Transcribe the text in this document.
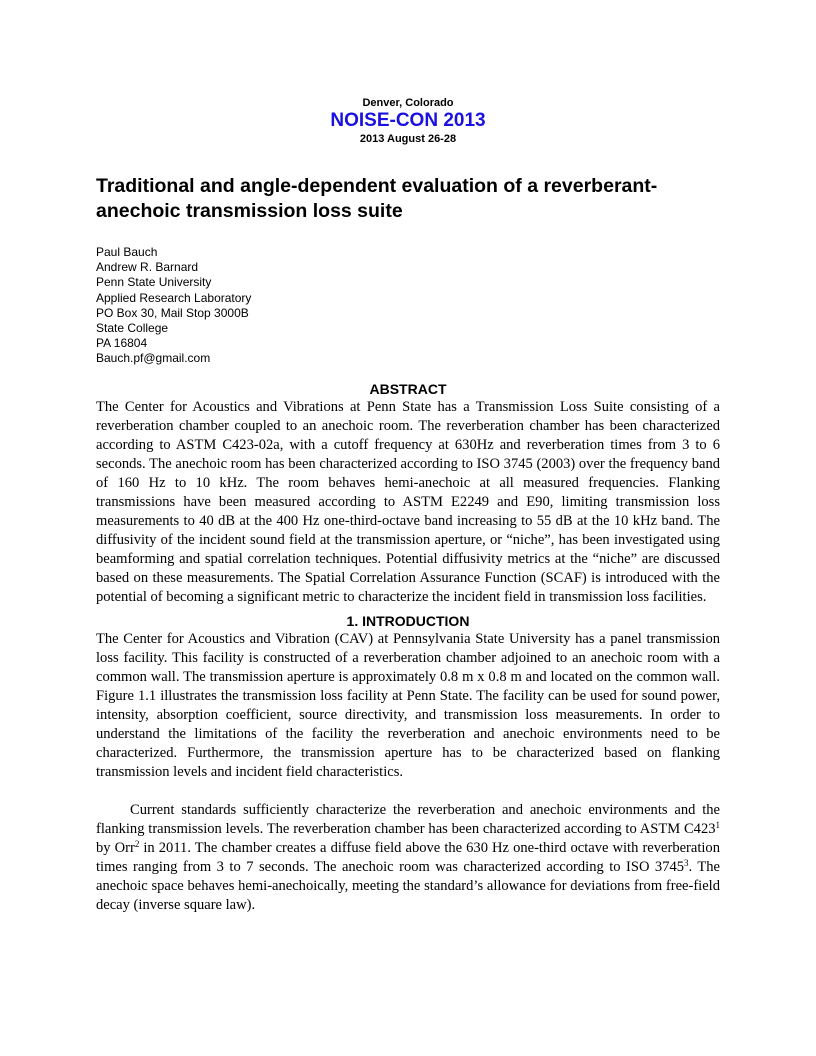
Denver, Colorado
NOISE-CON 2013
2013 August 26-28
Traditional and angle-dependent evaluation of a reverberant-anechoic transmission loss suite
Paul Bauch
Andrew R. Barnard
Penn State University
Applied Research Laboratory
PO Box 30, Mail Stop 3000B
State College
PA 16804
Bauch.pf@gmail.com
ABSTRACT

The Center for Acoustics and Vibrations at Penn State has a Transmission Loss Suite consisting of a reverberation chamber coupled to an anechoic room. The reverberation chamber has been characterized according to ASTM C423-02a, with a cutoff frequency at 630Hz and reverberation times from 3 to 6 seconds. The anechoic room has been characterized according to ISO 3745 (2003) over the frequency band of 160 Hz to 10 kHz. The room behaves hemi-anechoic at all measured frequencies. Flanking transmissions have been measured according to ASTM E2249 and E90, limiting transmission loss measurements to 40 dB at the 400 Hz one-third-octave band increasing to 55 dB at the 10 kHz band. The diffusivity of the incident sound field at the transmission aperture, or “niche”, has been investigated using beamforming and spatial correlation techniques. Potential diffusivity metrics at the “niche” are discussed based on these measurements. The Spatial Correlation Assurance Function (SCAF) is introduced with the potential of becoming a significant metric to characterize the incident field in transmission loss facilities.

1. INTRODUCTION

The Center for Acoustics and Vibration (CAV) at Pennsylvania State University has a panel transmission loss facility. This facility is constructed of a reverberation chamber adjoined to an anechoic room with a common wall. The transmission aperture is approximately 0.8 m x 0.8 m and located on the common wall. Figure 1.1 illustrates the transmission loss facility at Penn State. The facility can be used for sound power, intensity, absorption coefficient, source directivity, and transmission loss measurements. In order to understand the limitations of the facility the reverberation and anechoic environments need to be characterized. Furthermore, the transmission aperture has to be characterized based on flanking transmission levels and incident field characteristics.

Current standards sufficiently characterize the reverberation and anechoic environments and the flanking transmission levels. The reverberation chamber has been characterized according to ASTM $C423^1$ by Orr$^2$ in 2011. The chamber creates a diffuse field above the 630 Hz one-third octave with reverberation times ranging from 3 to 7 seconds. The anechoic room was characterized according to ISO 3745$^3$. The anechoic space behaves hemi-anechoically, meeting the standard’s allowance for deviations from free-field decay (inverse square law).
